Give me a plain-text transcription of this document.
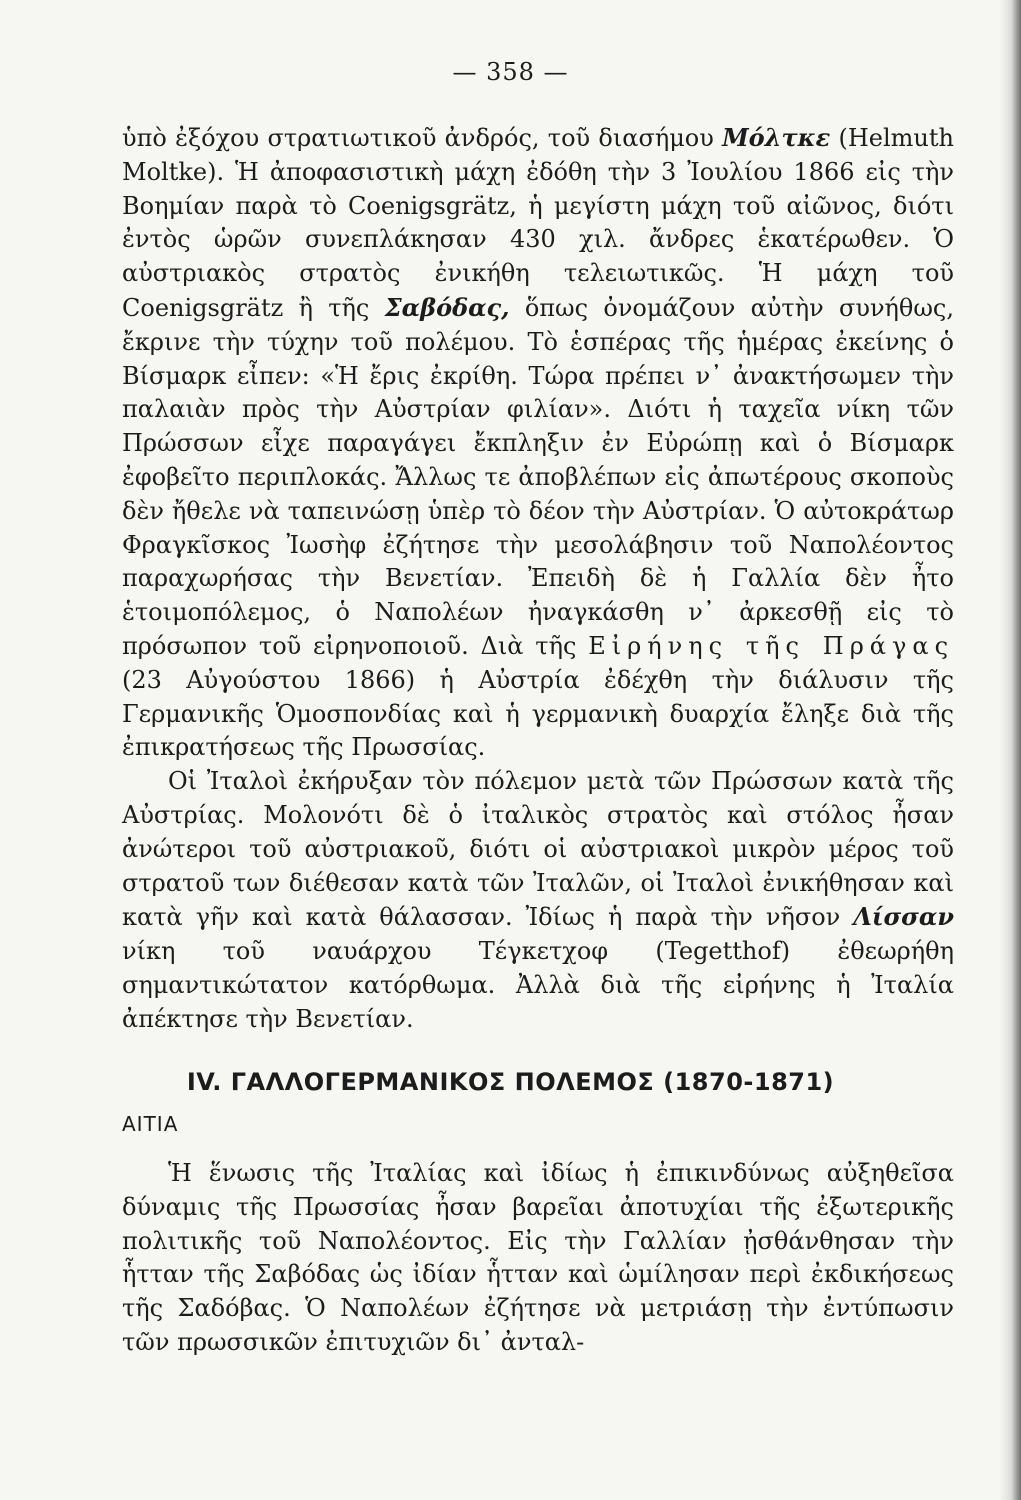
— 358 —

ὑπὸ ἐξόχου στρατιωτικοῦ ἀνδρός, τοῦ διασήμου Μόλτκε (Helmuth Moltke). Ἡ ἀποφασιστικὴ μάχη ἐδόθη τὴν 3 Ἰουλίου 1866 εἰς τὴν Βοημίαν παρὰ τὸ Coenigsgrätz, ἡ μεγίστη μάχη τοῦ αἰῶνος, διότι ἐντὸς ὡρῶν συνεπλάκησαν 430 χιλ. ἄνδρες ἑκατέρωθεν. Ὁ αὐστριακὸς στρατὸς ἐνικήθη τελειωτικῶς. Ἡ μάχη τοῦ Coenigsgrätz ἢ τῆς Σαβόδας, ὅπως ὀνομάζουν αὐτὴν συνήθως, ἔκρινε τὴν τύχην τοῦ πολέμου. Τὸ ἑσπέρας τῆς ἡμέρας ἐκείνης ὁ Βίσμαρκ εἶπεν: «Ἡ ἔρις ἐκρίθη. Τώρα πρέπει ν᾽ ἀνακτήσωμεν τὴν παλαιὰν πρὸς τὴν Αὐστρίαν φιλίαν». Διότι ἡ ταχεῖα νίκη τῶν Πρώσσων εἶχε παραγάγει ἔκπληξιν ἐν Εὐρώπῃ καὶ ὁ Βίσμαρκ ἐφοβεῖτο περιπλοκάς. Ἄλλως τε ἀποβλέπων εἰς ἀπωτέρους σκοποὺς δὲν ἤθελε νὰ ταπεινώσῃ ὑπὲρ τὸ δέον τὴν Αὐστρίαν. Ὁ αὐτοκράτωρ Φραγκῖσκος Ἰωσὴφ ἐζήτησε τὴν μεσολάβησιν τοῦ Ναπολέοντος παραχωρήσας τὴν Βενετίαν. Ἐπειδὴ δὲ ἡ Γαλλία δὲν ἦτο ἑτοιμοπόλεμος, ὁ Ναπολέων ἠναγκάσθη ν᾽ ἀρκεσθῇ εἰς τὸ πρόσωπον τοῦ εἰρηνοποιοῦ. Διὰ τῆς Εἰρήνης τῆς Πράγας (23 Αὐγούστου 1866) ἡ Αὐστρία ἐδέχθη τὴν διάλυσιν τῆς Γερμανικῆς Ὁμοσπονδίας καὶ ἡ γερμανικὴ δυαρχία ἔληξε διὰ τῆς ἐπικρατήσεως τῆς Πρωσσίας.

Οἱ Ἰταλοὶ ἐκήρυξαν τὸν πόλεμον μετὰ τῶν Πρώσσων κατὰ τῆς Αὐστρίας. Μολονότι δὲ ὁ ἰταλικὸς στρατὸς καὶ στόλος ἦσαν ἀνώτεροι τοῦ αὐστριακοῦ, διότι οἱ αὐστριακοὶ μικρὸν μέρος τοῦ στρατοῦ των διέθεσαν κατὰ τῶν Ἰταλῶν, οἱ Ἰταλοὶ ἐνικήθησαν καὶ κατὰ γῆν καὶ κατὰ θάλασσαν. Ἰδίως ἡ παρὰ τὴν νῆσον Λίσσαν νίκη τοῦ ναυάρχου Τέγκετχοφ (Tegetthof) ἐθεωρήθη σημαντικώτατον κατόρθωμα. Ἀλλὰ διὰ τῆς εἰρήνης ἡ Ἰταλία ἀπέκτησε τὴν Βενετίαν.

IV. ΓΑΛΛΟΓΕΡΜΑΝΙΚΟΣ ΠΟΛΕΜΟΣ (1870-1871)
ΑΙΤΙΑ

Ἡ ἕνωσις τῆς Ἰταλίας καὶ ἰδίως ἡ ἐπικινδύνως αὐξηθεῖσα δύναμις τῆς Πρωσσίας ἦσαν βαρεῖαι ἀποτυχίαι τῆς ἐξωτερικῆς πολιτικῆς τοῦ Ναπολέοντος. Εἰς τὴν Γαλλίαν ᾐσθάνθησαν τὴν ἧτταν τῆς Σαβόδας ὡς ἰδίαν ἧτταν καὶ ὡμίλησαν περὶ ἐκδικήσεως τῆς Σαδόβας. Ὁ Ναπολέων ἐζήτησε νὰ μετριάσῃ τὴν ἐντύπωσιν τῶν πρωσσικῶν ἐπιτυχιῶν δι᾽ ἀνταλ-
